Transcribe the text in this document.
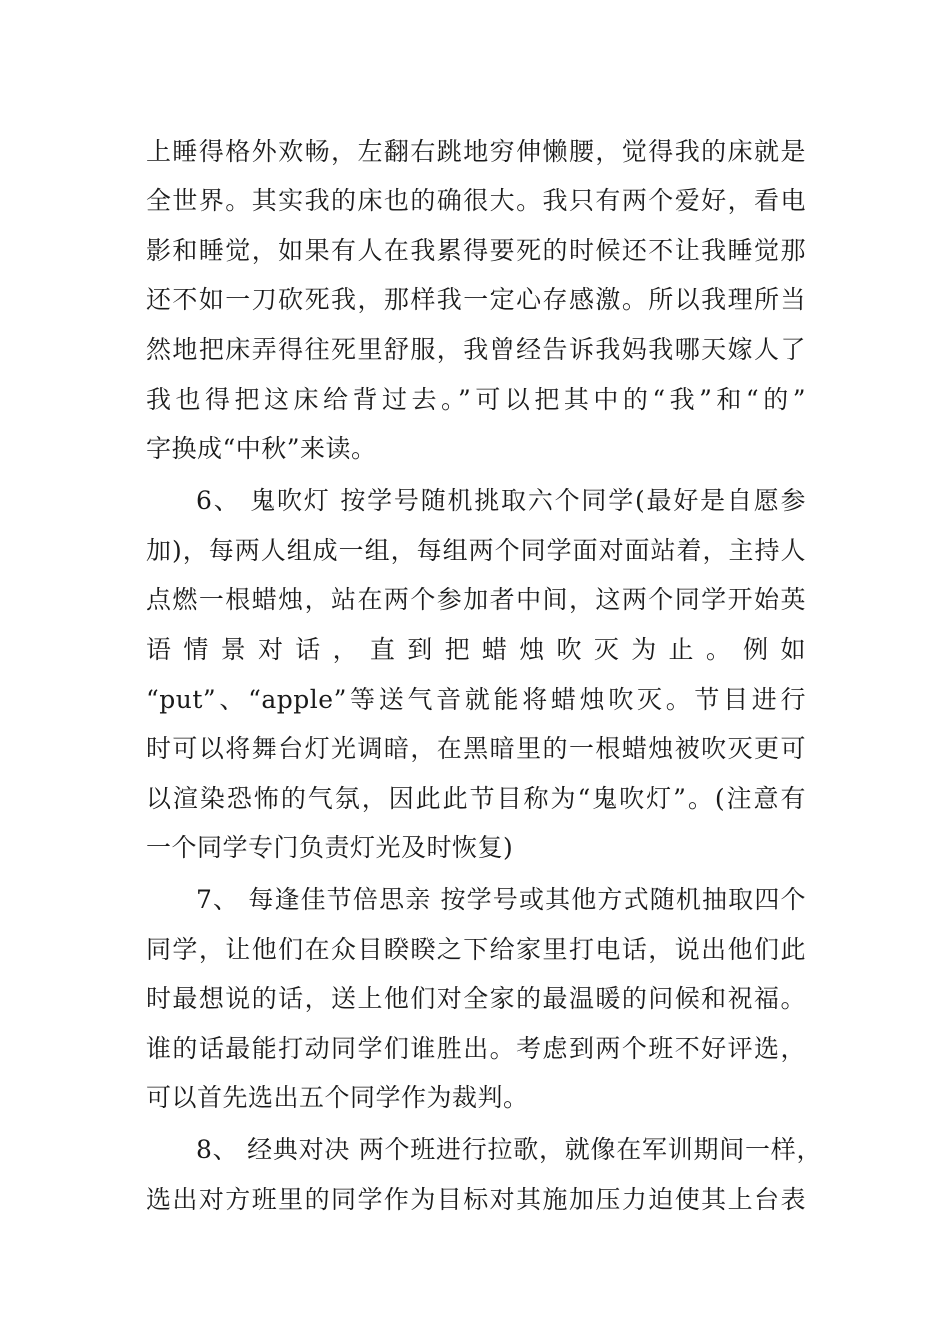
上睡得格外欢畅，左翻右跳地穷伸懒腰，觉得我的床就是
全世界。其实我的床也的确很大。我只有两个爱好，看电
影和睡觉，如果有人在我累得要死的时候还不让我睡觉那
还不如一刀砍死我，那样我一定心存感激。所以我理所当
然地把床弄得往死里舒服，我曾经告诉我妈我哪天嫁人了
我也得把这床给背过去。”可以把其中的“我”和“的”
字换成“中秋”来读。
6、 鬼吹灯 按学号随机挑取六个同学(最好是自愿参
加)，每两人组成一组，每组两个同学面对面站着，主持人
点燃一根蜡烛，站在两个参加者中间，这两个同学开始英
语情景对话，直到把蜡烛吹灭为止。例如
“put”、“apple”等送气音就能将蜡烛吹灭。节目进行
时可以将舞台灯光调暗，在黑暗里的一根蜡烛被吹灭更可
以渲染恐怖的气氛，因此此节目称为“鬼吹灯”。(注意有
一个同学专门负责灯光及时恢复)
7、 每逢佳节倍思亲 按学号或其他方式随机抽取四个
同学，让他们在众目睽睽之下给家里打电话，说出他们此
时最想说的话，送上他们对全家的最温暖的问候和祝福。
谁的话最能打动同学们谁胜出。考虑到两个班不好评选，
可以首先选出五个同学作为裁判。
8、 经典对决 两个班进行拉歌，就像在军训期间一样，
选出对方班里的同学作为目标对其施加压力迫使其上台表
